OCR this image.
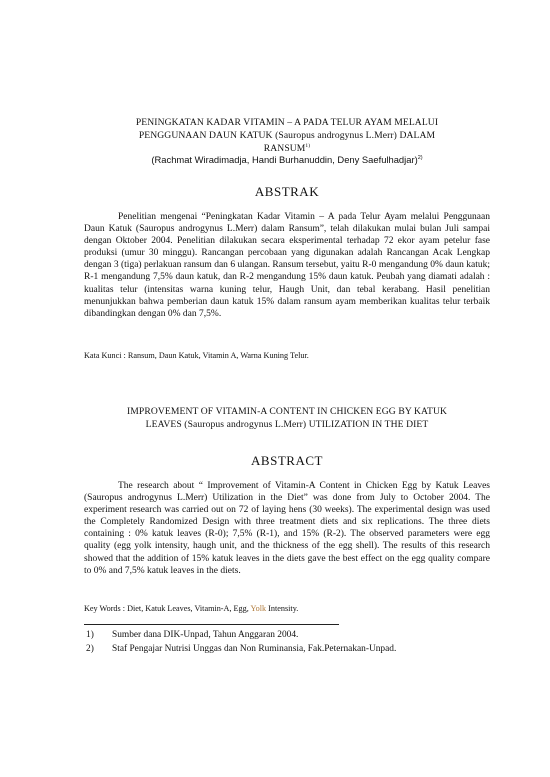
PENINGKATAN KADAR VITAMIN – A PADA TELUR AYAM MELALUI
PENGGUNAAN DAUN KATUK (Sauropus androgynus L.Merr) DALAM
RANSUM$^{1)}$
(Rachmat Wiradimadja, Handi Burhanuddin, Deny Saefulhadjar)$^{2)}$
ABSTRAK

Penelitian mengenai “Peningkatan Kadar Vitamin – A pada Telur Ayam melalui Penggunaan Daun Katuk (Sauropus androgynus L.Merr) dalam Ransum”, telah dilakukan mulai bulan Juli sampai dengan Oktober 2004. Penelitian dilakukan secara eksperimental terhadap 72 ekor ayam petelur fase produksi (umur 30 minggu). Rancangan percobaan yang digunakan adalah Rancangan Acak Lengkap dengan 3 (tiga) perlakuan ransum dan 6 ulangan. Ransum tersebut, yaitu R-0 mengandung 0% daun katuk; R-1 mengandung 7,5% daun katuk, dan R-2 mengandung 15% daun katuk. Peubah yang diamati adalah : kualitas telur (intensitas warna kuning telur, Haugh Unit, dan tebal kerabang. Hasil penelitian menunjukkan bahwa pemberian daun katuk 15% dalam ransum ayam memberikan kualitas telur terbaik dibandingkan dengan 0% dan 7,5%.

Kata Kunci : Ransum, Daun Katuk, Vitamin A, Warna Kuning Telur.
IMPROVEMENT OF VITAMIN-A CONTENT IN CHICKEN EGG BY KATUK
LEAVES (Sauropus androgynus L.Merr) UTILIZATION IN THE DIET
ABSTRACT

The research about “ Improvement of Vitamin-A Content in Chicken Egg by Katuk Leaves (Sauropus androgynus L.Merr) Utilization in the Diet” was done from July to October 2004. The experiment research was carried out on 72 of laying hens (30 weeks). The experimental design was used the Completely Randomized Design with three treatment diets and six replications. The three diets containing : 0% katuk leaves (R-0); 7,5% (R-1), and 15% (R-2). The observed parameters were egg quality (egg yolk intensity, haugh unit, and the thickness of the egg shell). The results of this research showed that the addition of 15% katuk leaves in the diets gave the best effect on the egg quality compare to 0% and 7,5% katuk leaves in the diets.

Key Words : Diet, Katuk Leaves, Vitamin-A, Egg, Yolk Intensity.
1) Sumber dana DIK-Unpad, Tahun Anggaran 2004.
2) Staf Pengajar Nutrisi Unggas dan Non Ruminansia, Fak.Peternakan-Unpad.
